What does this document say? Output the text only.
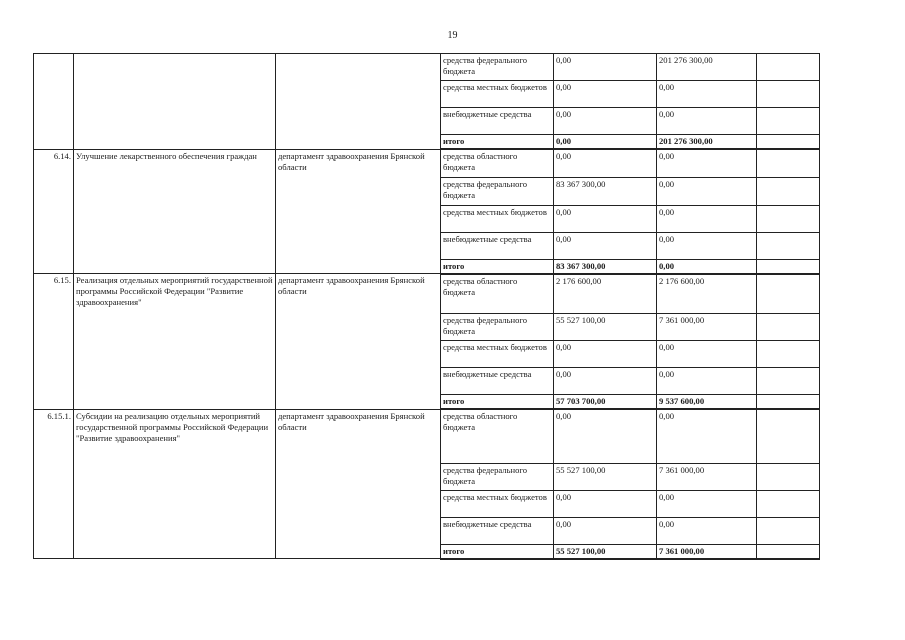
19
			средства федерального бюджета	0,00	201 276 300,00		
			средства местных бюджетов	0,00	0,00		
			внебюджетные средства	0,00	0,00		
			итого	0,00	201 276 300,00		
6.14.	Улучшение лекарственного обеспечения граждан	департамент здравоохранения Брянской области	средства областного бюджета	0,00	0,00		
			средства федерального бюджета	83 367 300,00	0,00		
			средства местных бюджетов	0,00	0,00		
			внебюджетные средства	0,00	0,00		
			итого	83 367 300,00	0,00		
6.15.	Реализация отдельных мероприятий государственной программы Российской Федерации "Развитие здравоохранения"	департамент здравоохранения Брянской области	средства областного бюджета	2 176 600,00	2 176 600,00		
			средства федерального бюджета	55 527 100,00	7 361 000,00		
			средства местных бюджетов	0,00	0,00		
			внебюджетные средства	0,00	0,00		
			итого	57 703 700,00	9 537 600,00		
6.15.1.	Субсидии на реализацию отдельных мероприятий государственной программы Российской Федерации "Развитие здравоохранения"	департамент здравоохранения Брянской области	средства областного бюджета	0,00	0,00		
			средства федерального бюджета	55 527 100,00	7 361 000,00		
			средства местных бюджетов	0,00	0,00		
			внебюджетные средства	0,00	0,00		
			итого	55 527 100,00	7 361 000,00		
